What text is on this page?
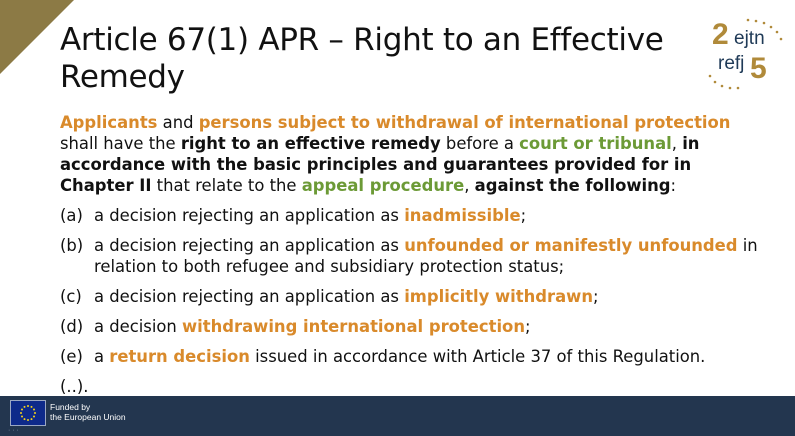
Article 67(1) APR – Right to an Effective
Remedy
2 ejtn
refj 5

Applicants and persons subject to withdrawal of international protection shall have the right to an effective remedy before a court or tribunal, in accordance with the basic principles and guarantees provided for in Chapter II that relate to the appeal procedure, against the following:

(a) a decision rejecting an application as inadmissible;
(b) a decision rejecting an application as unfounded or manifestly unfounded in relation to both refugee and subsidiary protection status;
(c) a decision rejecting an application as implicitly withdrawn;
(d) a decision withdrawing international protection;
(e) a return decision issued in accordance with Article 37 of this Regulation.
(..).
Funded by
the European Union
· · ·
